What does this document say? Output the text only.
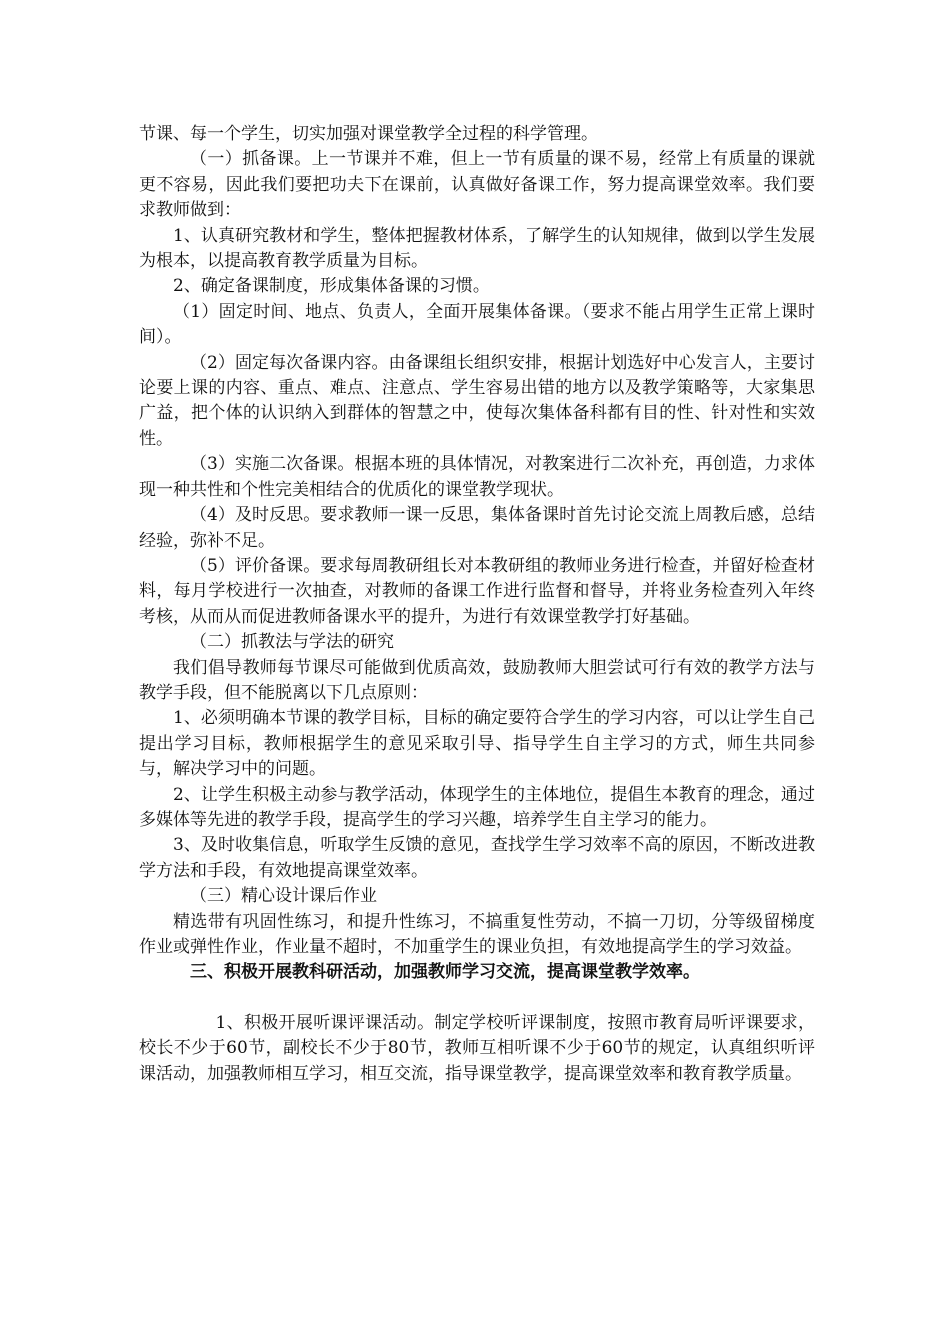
节课、每一个学生，切实加强对课堂教学全过程的科学管理。

（一）抓备课。上一节课并不难，但上一节有质量的课不易，经常上有质量的课就更不容易，因此我们要把功夫下在课前，认真做好备课工作，努力提高课堂效率。我们要求教师做到：

1、认真研究教材和学生，整体把握教材体系，了解学生的认知规律，做到以学生发展为根本，以提高教育教学质量为目标。

2、确定备课制度，形成集体备课的习惯。

（1）固定时间、地点、负责人，全面开展集体备课。（要求不能占用学生正常上课时间）。

（2）固定每次备课内容。由备课组长组织安排，根据计划选好中心发言人，主要讨论要上课的内容、重点、难点、注意点、学生容易出错的地方以及教学策略等，大家集思广益，把个体的认识纳入到群体的智慧之中，使每次集体备科都有目的性、针对性和实效性。

（3）实施二次备课。根据本班的具体情况，对教案进行二次补充，再创造，力求体现一种共性和个性完美相结合的优质化的课堂教学现状。

（4）及时反思。要求教师一课一反思，集体备课时首先讨论交流上周教后感，总结经验，弥补不足。

（5）评价备课。要求每周教研组长对本教研组的教师业务进行检查，并留好检查材料，每月学校进行一次抽查，对教师的备课工作进行监督和督导，并将业务检查列入年终考核，从而从而促进教师备课水平的提升，为进行有效课堂教学打好基础。

（二）抓教法与学法的研究

我们倡导教师每节课尽可能做到优质高效，鼓励教师大胆尝试可行有效的教学方法与教学手段，但不能脱离以下几点原则：

1、必须明确本节课的教学目标，目标的确定要符合学生的学习内容，可以让学生自己提出学习目标，教师根据学生的意见采取引导、指导学生自主学习的方式，师生共同参与，解决学习中的问题。

2、让学生积极主动参与教学活动，体现学生的主体地位，提倡生本教育的理念，通过多媒体等先进的教学手段，提高学生的学习兴趣，培养学生自主学习的能力。

3、及时收集信息，听取学生反馈的意见，查找学生学习效率不高的原因，不断改进教学方法和手段，有效地提高课堂效率。

（三）精心设计课后作业

精选带有巩固性练习，和提升性练习，不搞重复性劳动，不搞一刀切，分等级留梯度作业或弹性作业，作业量不超时，不加重学生的课业负担，有效地提高学生的学习效益。

三、积极开展教科研活动，加强教师学习交流，提高课堂教学效率。

1、积极开展听课评课活动。制定学校听评课制度，按照市教育局听评课要求，校长不少于60节，副校长不少于80节，教师互相听课不少于60节的规定，认真组织听评课活动，加强教师相互学习，相互交流，指导课堂教学，提高课堂效率和教育教学质量。
